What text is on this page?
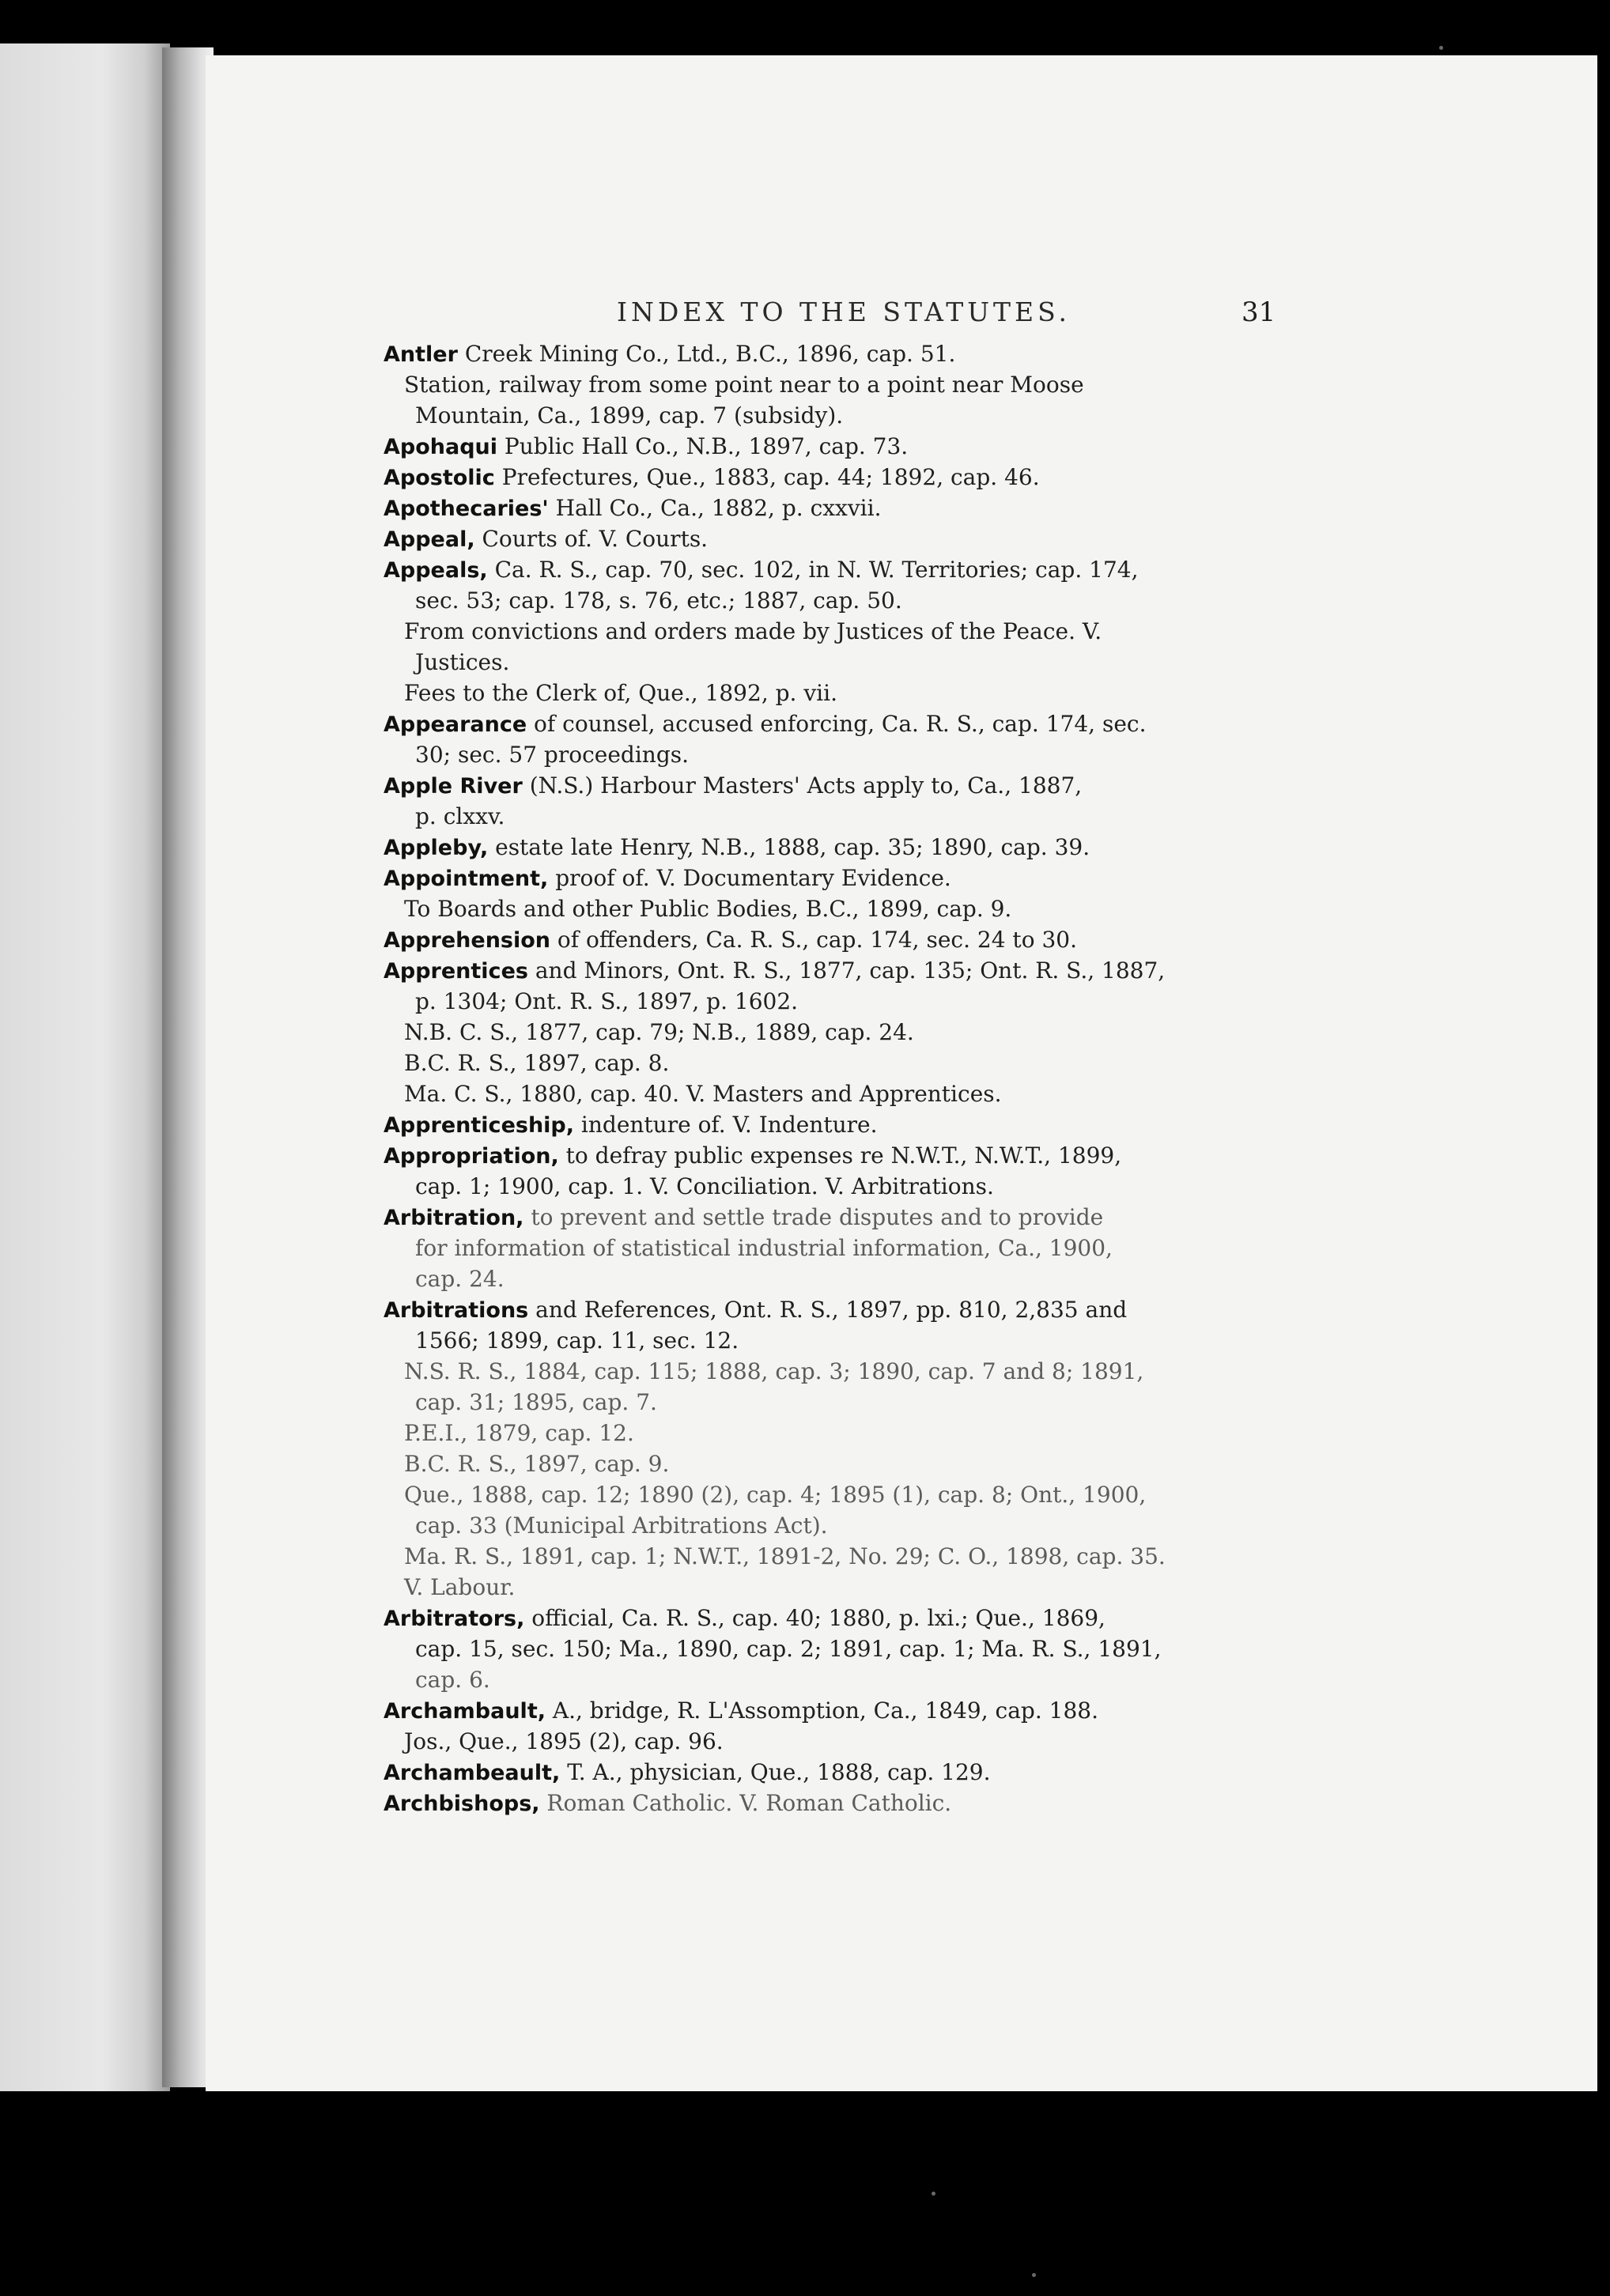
INDEX TO THE STATUTES.	31
Antler Creek Mining Co., Ltd., B.C., 1896, cap. 51.
Station, railway from some point near to a point near Moose
Mountain, Ca., 1899, cap. 7 (subsidy).
Apohaqui Public Hall Co., N.B., 1897, cap. 73.
Apostolic Prefectures, Que., 1883, cap. 44; 1892, cap. 46.
Apothecaries' Hall Co., Ca., 1882, p. cxxvii.
Appeal, Courts of. V. Courts.
Appeals, Ca. R. S., cap. 70, sec. 102, in N. W. Territories; cap. 174,
sec. 53; cap. 178, s. 76, etc.; 1887, cap. 50.
From convictions and orders made by Justices of the Peace. V.
Justices.
Fees to the Clerk of, Que., 1892, p. vii.
Appearance of counsel, accused enforcing, Ca. R. S., cap. 174, sec.
30; sec. 57 proceedings.
Apple River (N.S.) Harbour Masters' Acts apply to, Ca., 1887,
p. clxxv.
Appleby, estate late Henry, N.B., 1888, cap. 35; 1890, cap. 39.
Appointment, proof of. V. Documentary Evidence.
To Boards and other Public Bodies, B.C., 1899, cap. 9.
Apprehension of offenders, Ca. R. S., cap. 174, sec. 24 to 30.
Apprentices and Minors, Ont. R. S., 1877, cap. 135; Ont. R. S., 1887,
p. 1304; Ont. R. S., 1897, p. 1602.
N.B. C. S., 1877, cap. 79; N.B., 1889, cap. 24.
B.C. R. S., 1897, cap. 8.
Ma. C. S., 1880, cap. 40. V. Masters and Apprentices.
Apprenticeship, indenture of. V. Indenture.
Appropriation, to defray public expenses re N.W.T., N.W.T., 1899,
cap. 1; 1900, cap. 1. V. Conciliation. V. Arbitrations.
Arbitration, to prevent and settle trade disputes and to provide
for information of statistical industrial information, Ca., 1900,
cap. 24.
Arbitrations and References, Ont. R. S., 1897, pp. 810, 2,835 and
1566; 1899, cap. 11, sec. 12.
N.S. R. S., 1884, cap. 115; 1888, cap. 3; 1890, cap. 7 and 8; 1891,
cap. 31; 1895, cap. 7.
P.E.I., 1879, cap. 12.
B.C. R. S., 1897, cap. 9.
Que., 1888, cap. 12; 1890 (2), cap. 4; 1895 (1), cap. 8; Ont., 1900,
cap. 33 (Municipal Arbitrations Act).
Ma. R. S., 1891, cap. 1; N.W.T., 1891-2, No. 29; C. O., 1898, cap. 35.
V. Labour.
Arbitrators, official, Ca. R. S., cap. 40; 1880, p. lxi.; Que., 1869,
cap. 15, sec. 150; Ma., 1890, cap. 2; 1891, cap. 1; Ma. R. S., 1891,
cap. 6.
Archambault, A., bridge, R. L'Assomption, Ca., 1849, cap. 188.
Jos., Que., 1895 (2), cap. 96.
Archambeault, T. A., physician, Que., 1888, cap. 129.
Archbishops, Roman Catholic. V. Roman Catholic.
